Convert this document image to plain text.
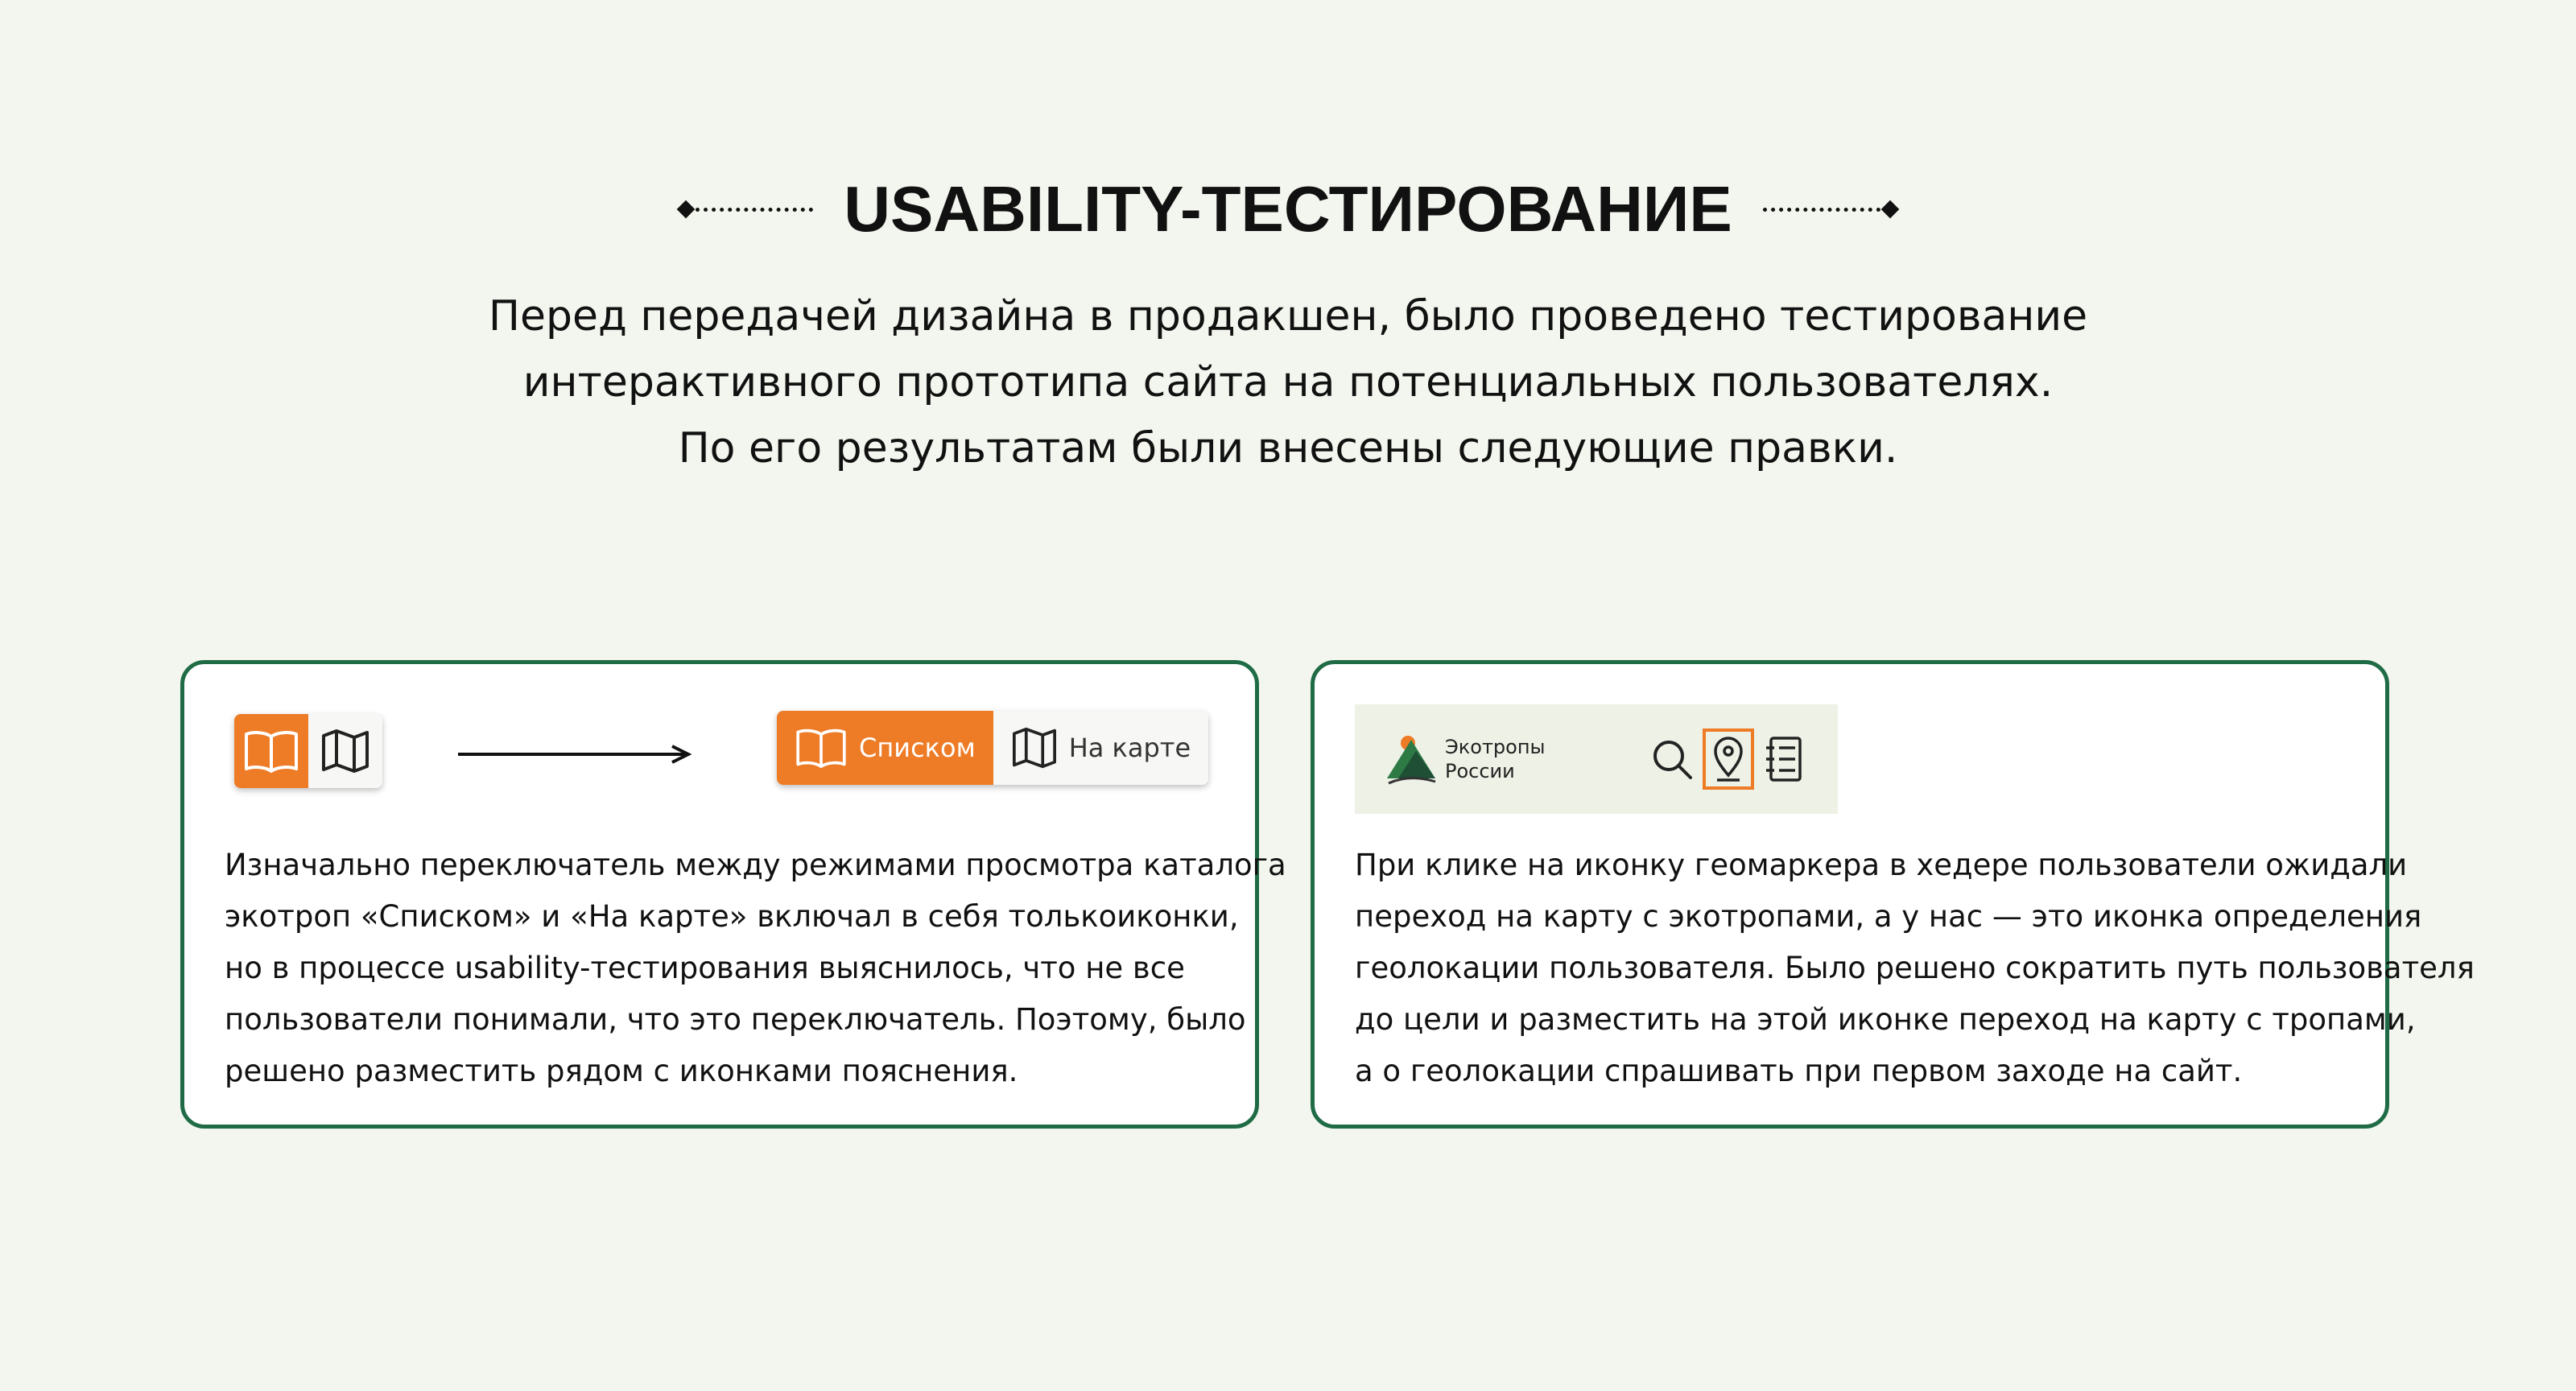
USABILITY-ТЕСТИРОВАНИЕ
Перед передачей дизайна в продакшен, было проведено тестирование
интерактивного прототипа сайта на потенциальных пользователях.
По его результатам были внесены следующие правки.
Списком	На карте
Изначально переключатель между режимами просмотра каталога
экотроп «Списком» и «На карте» включал в себя толькоиконки,
но в процессе usability-тестирования выяснилось, что не все
пользователи понимали, что это переключатель. Поэтому, было
решено разместить рядом с иконками пояснения.
Экотропы
России
При клике на иконку геомаркера в хедере пользователи ожидали
переход на карту с экотропами, а у нас — это иконка определения
геолокации пользователя. Было решено сократить путь пользователя
до цели и разместить на этой иконке переход на карту с тропами,
а о геолокации спрашивать при первом заходе на сайт.
